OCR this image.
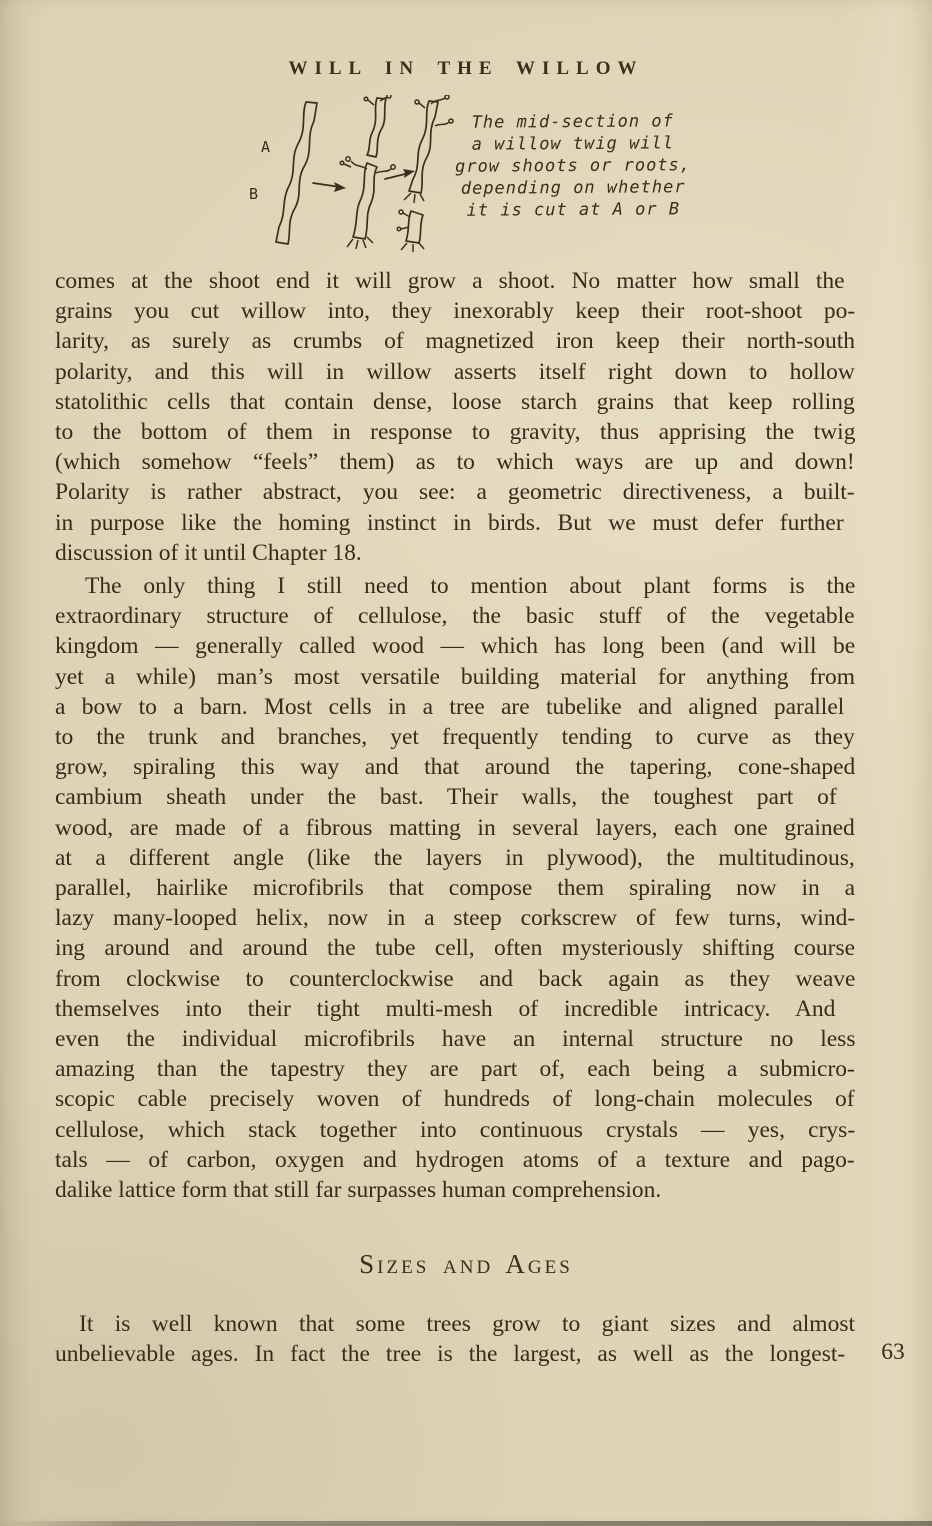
WILL IN THE WILLOW
A
B
The mid-section of
a willow twig will
grow shoots or roots,
depending on whether
it is cut at A or B
comes at the shoot end it will grow a shoot. No matter how small the
grains you cut willow into, they inexorably keep their root-shoot po-
larity, as surely as crumbs of magnetized iron keep their north-south
polarity, and this will in willow asserts itself right down to hollow
statolithic cells that contain dense, loose starch grains that keep rolling
to the bottom of them in response to gravity, thus apprising the twig
(which somehow “feels” them) as to which ways are up and down!
Polarity is rather abstract, you see: a geometric directiveness, a built-
in purpose like the homing instinct in birds. But we must defer further
discussion of it until Chapter 18.
The only thing I still need to mention about plant forms is the
extraordinary structure of cellulose, the basic stuff of the vegetable
kingdom — generally called wood — which has long been (and will be
yet a while) man’s most versatile building material for anything from
a bow to a barn. Most cells in a tree are tubelike and aligned parallel
to the trunk and branches, yet frequently tending to curve as they
grow, spiraling this way and that around the tapering, cone-shaped
cambium sheath under the bast. Their walls, the toughest part of
wood, are made of a fibrous matting in several layers, each one grained
at a different angle (like the layers in plywood), the multitudinous,
parallel, hairlike microfibrils that compose them spiraling now in a
lazy many-looped helix, now in a steep corkscrew of few turns, wind-
ing around and around the tube cell, often mysteriously shifting course
from clockwise to counterclockwise and back again as they weave
themselves into their tight multi-mesh of incredible intricacy. And
even the individual microfibrils have an internal structure no less
amazing than the tapestry they are part of, each being a submicro-
scopic cable precisely woven of hundreds of long-chain molecules of
cellulose, which stack together into continuous crystals — yes, crys-
tals — of carbon, oxygen and hydrogen atoms of a texture and pago-
dalike lattice form that still far surpasses human comprehension.
Sizes and Ages
It is well known that some trees grow to giant sizes and almost
unbelievable ages. In fact the tree is the largest, as well as the longest-	63
